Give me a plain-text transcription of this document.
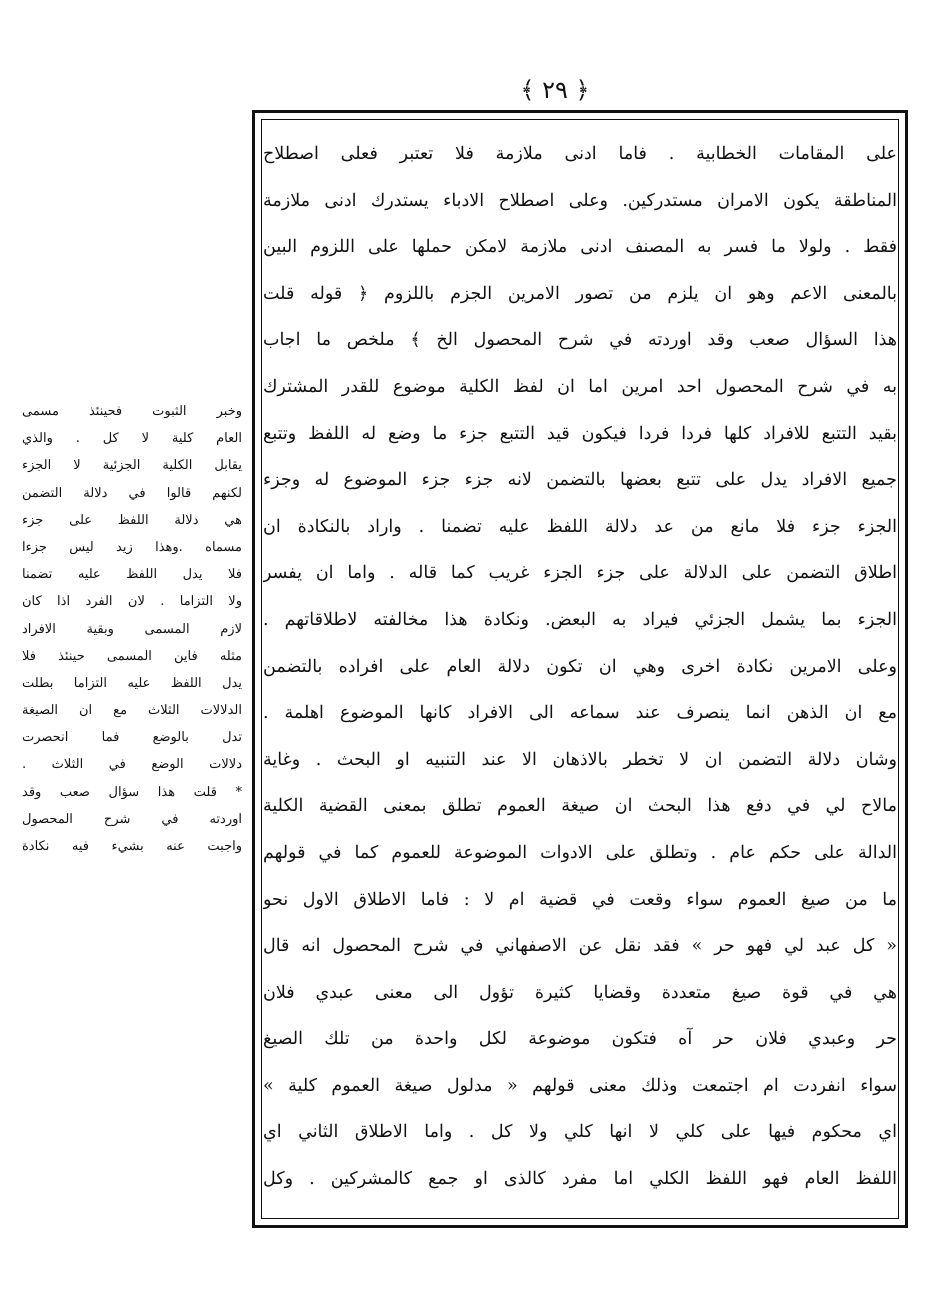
﴿ ٢٩ ﴾
على المقامات الخطابية . فاما ادنى ملازمة فلا تعتبر فعلى اصطلاح
المناطقة يكون الامران مستدركين. وعلى اصطلاح الادباء يستدرك ادنى ملازمة
فقط . ولولا ما فسر به المصنف ادنى ملازمة لامكن حملها على اللزوم البين
بالمعنى الاعم وهو ان يلزم من تصور الامرين الجزم باللزوم ﴿ قوله قلت
هذا السؤال صعب وقد اوردته في شرح المحصول الخ ﴾ ملخص ما اجاب
به في شرح المحصول احد امرين اما ان لفظ الكلية موضوع للقدر المشترك
بقيد التتبع للافراد كلها فردا فردا فيكون قيد التتبع جزء ما وضع له اللفظ وتتبع
جميع الافراد يدل على تتبع بعضها بالتضمن لانه جزء جزء الموضوع له وجزء
الجزء جزء فلا مانع من عد دلالة اللفظ عليه تضمنا . واراد بالنكادة ان
اطلاق التضمن على الدلالة على جزء الجزء غريب كما قاله . واما ان يفسر
الجزء بما يشمل الجزئي فيراد به البعض. ونكادة هذا مخالفته لاطلاقاتهم .
وعلى الامرين نكادة اخرى وهي ان تكون دلالة العام على افراده بالتضمن
مع ان الذهن انما ينصرف عند سماعه الى الافراد كانها الموضوع اهلمة .
وشان دلالة التضمن ان لا تخطر بالاذهان الا عند التنبيه او البحث . وغاية
مالاح لي في دفع هذا البحث ان صيغة العموم تطلق بمعنى القضية الكلية
الدالة على حكم عام . وتطلق على الادوات الموضوعة للعموم كما في قولهم
ما من صيغ العموم سواء وقعت في قضية ام لا : فاما الاطلاق الاول نحو
« كل عبد لي فهو حر » فقد نقل عن الاصفهاني في شرح المحصول انه قال
هي في قوة صيغ متعددة وقضايا كثيرة تؤول الى معنى عبدي فلان
حر وعبدي فلان حر آه فتكون موضوعة لكل واحدة من تلك الصيغ
سواء انفردت ام اجتمعت وذلك معنى قولهم « مدلول صيغة العموم كلية »
اي محكوم فيها على كلي لا انها كلي ولا كل . واما الاطلاق الثاني اي
اللفظ العام فهو اللفظ الكلي اما مفرد كالذى او جمع كالمشركين . وكل
وخبر الثبوت فحينئذ مسمى
العام كلية لا كل . والذي
يقابل الكلية الجزئية لا الجزء
لكنهم قالوا في دلالة التضمن
هي دلالة اللفظ على جزء
مسماه .وهذا زيد ليس جزءا
فلا يدل اللفظ عليه تضمنا
ولا التزاما . لان الفرد اذا كان
لازم المسمى وبقية الافراد
مثله فاين المسمى حينئذ فلا
يدل اللفظ عليه التزاما بطلت
الدلالات الثلاث مع ان الصيغة
تدل بالوضع فما انحصرت
دلالات الوضع في الثلاث .
* قلت هذا سؤال صعب وقد
اوردته في شرح المحصول
واجبت عنه بشيء فيه نكادة
